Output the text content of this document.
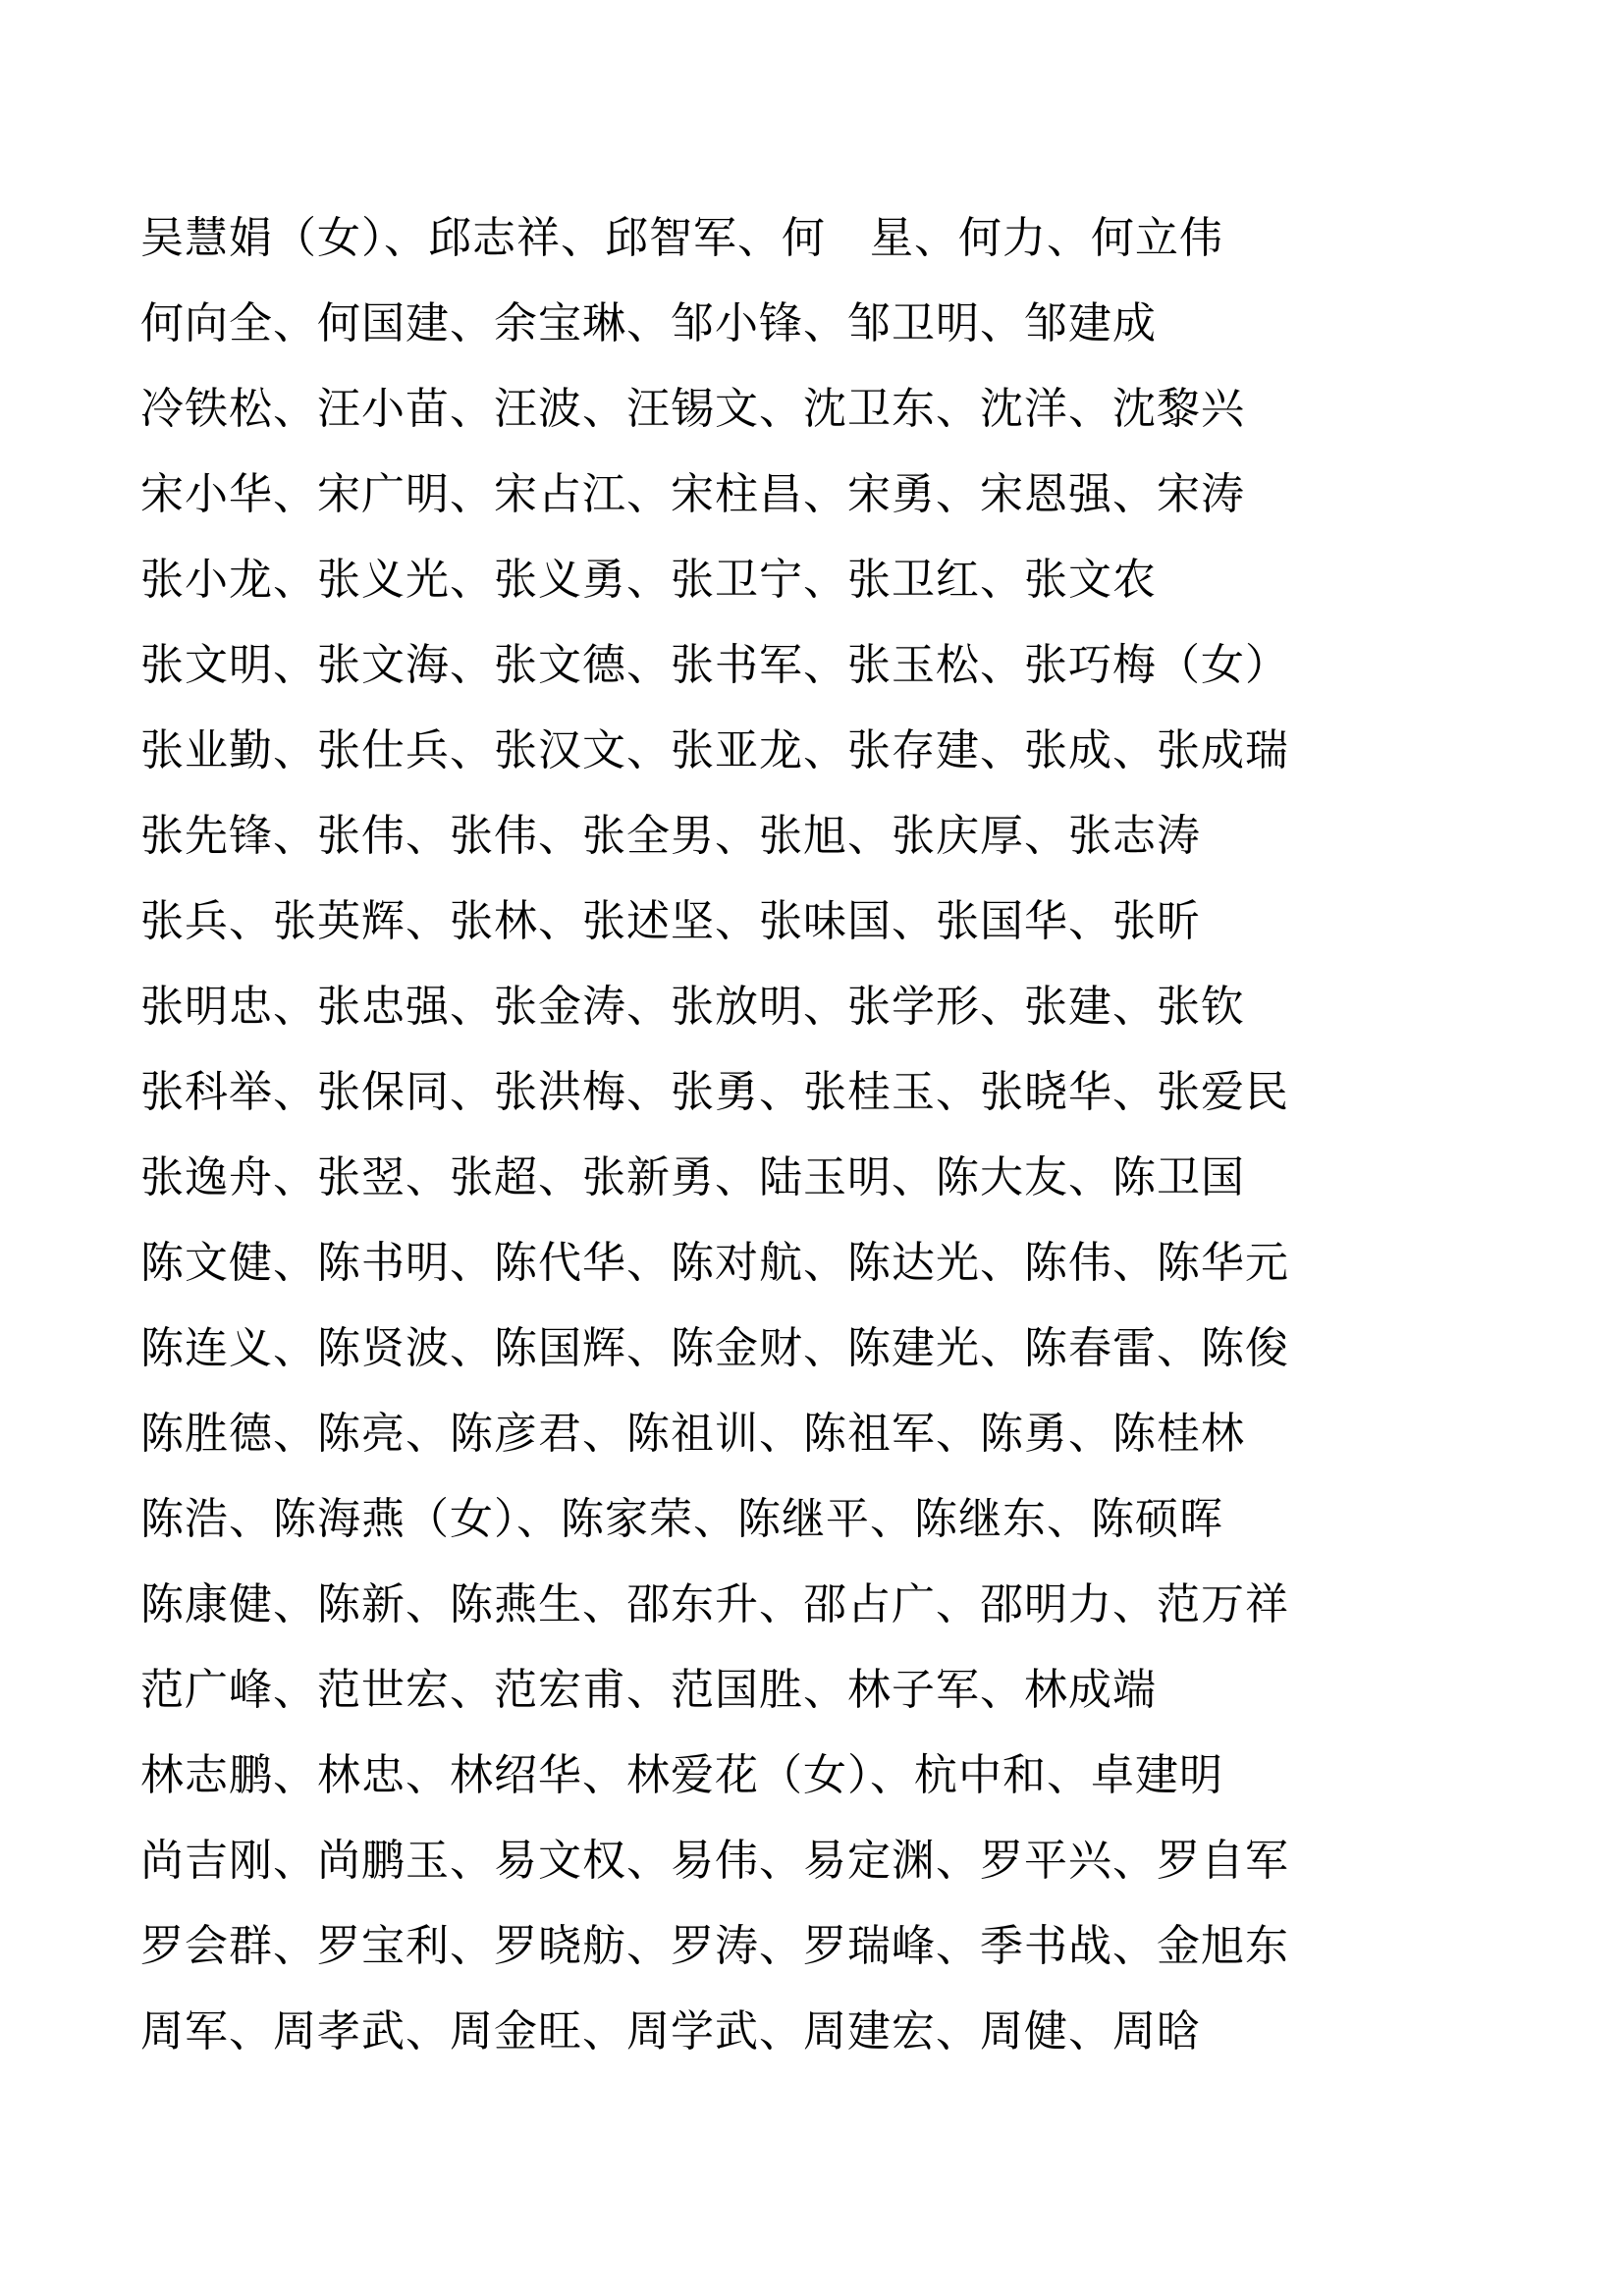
吴慧娟（女）、邱志祥、邱智军、何　星、何力、何立伟
何向全、何国建、余宝琳、邹小锋、邹卫明、邹建成
冷铁松、汪小苗、汪波、汪锡文、沈卫东、沈洋、沈黎兴
宋小华、宋广明、宋占江、宋柱昌、宋勇、宋恩强、宋涛
张小龙、张义光、张义勇、张卫宁、张卫红、张文农
张文明、张文海、张文德、张书军、张玉松、张巧梅（女）
张业勤、张仕兵、张汉文、张亚龙、张存建、张成、张成瑞
张先锋、张伟、张伟、张全男、张旭、张庆厚、张志涛
张兵、张英辉、张林、张述坚、张味国、张国华、张昕
张明忠、张忠强、张金涛、张放明、张学形、张建、张钦
张科举、张保同、张洪梅、张勇、张桂玉、张晓华、张爱民
张逸舟、张翌、张超、张新勇、陆玉明、陈大友、陈卫国
陈文健、陈书明、陈代华、陈对航、陈达光、陈伟、陈华元
陈连义、陈贤波、陈国辉、陈金财、陈建光、陈春雷、陈俊
陈胜德、陈亮、陈彦君、陈祖训、陈祖军、陈勇、陈桂林
陈浩、陈海燕（女）、陈家荣、陈继平、陈继东、陈硕晖
陈康健、陈新、陈燕生、邵东升、邵占广、邵明力、范万祥
范广峰、范世宏、范宏甫、范国胜、林子军、林成端
林志鹏、林忠、林绍华、林爱花（女）、杭中和、卓建明
尚吉刚、尚鹏玉、易文权、易伟、易定渊、罗平兴、罗自军
罗会群、罗宝利、罗晓舫、罗涛、罗瑞峰、季书战、金旭东
周军、周孝武、周金旺、周学武、周建宏、周健、周晗
